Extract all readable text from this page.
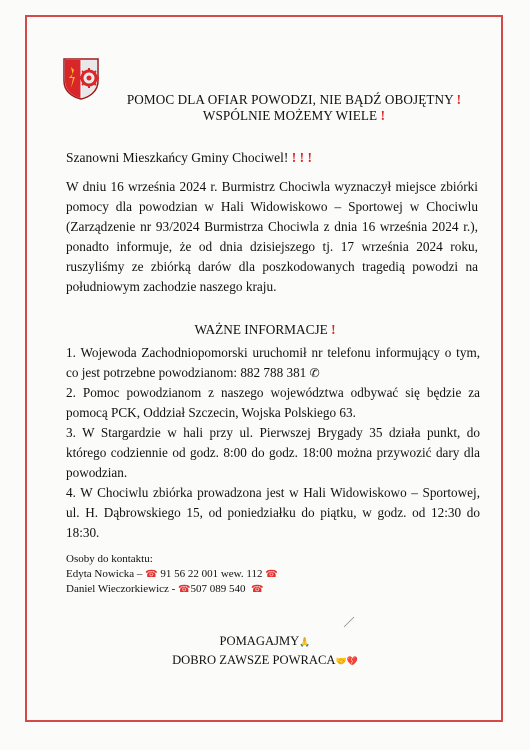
POMOC DLA OFIAR POWODZI, NIE BĄDŹ OBOJĘTNY !
WSPÓLNIE MOŻEMY WIELE !
Szanowni Mieszkańcy Gminy Chociwel! ! ! !
W dniu 16 września 2024 r. Burmistrz Chociwla wyznaczył miejsce zbiórki pomocy dla powodzian w Hali Widowiskowo – Sportowej w Chociwlu (Zarządzenie nr 93/2024 Burmistrza Chociwla z dnia 16 września 2024 r.), ponadto informuje, że od dnia dzisiejszego tj. 17 września 2024 roku, ruszyliśmy ze zbiórką darów dla poszkodowanych tragedią powodzi na południowym zachodzie naszego kraju.
WAŻNE INFORMACJE !

1. Wojewoda Zachodniopomorski uruchomił nr telefonu informujący o tym, co jest potrzebne powodzianom: 882 788 381 ✆

2. Pomoc powodzianom z naszego województwa odbywać się będzie za pomocą PCK, Oddział Szczecin, Wojska Polskiego 63.

3. W Stargardzie w hali przy ul. Pierwszej Brygady 35 działa punkt, do którego codziennie od godz. 8:00 do godz. 18:00 można przywozić dary dla powodzian.

4. W Chociwlu zbiórka prowadzona jest w Hali Widowiskowo – Sportowej, ul. H. Dąbrowskiego 15, od poniedziałku do piątku, w godz. od 12:30 do 18:30.

Osoby do kontaktu:

Edyta Nowicka – ☎ 91 56 22 001 wew. 112 ☎

Daniel Wieczorkiewicz - ☎507 089 540 ☎

POMAGAJMY🙏

DOBRO ZAWSZE POWRACA🤝💔
